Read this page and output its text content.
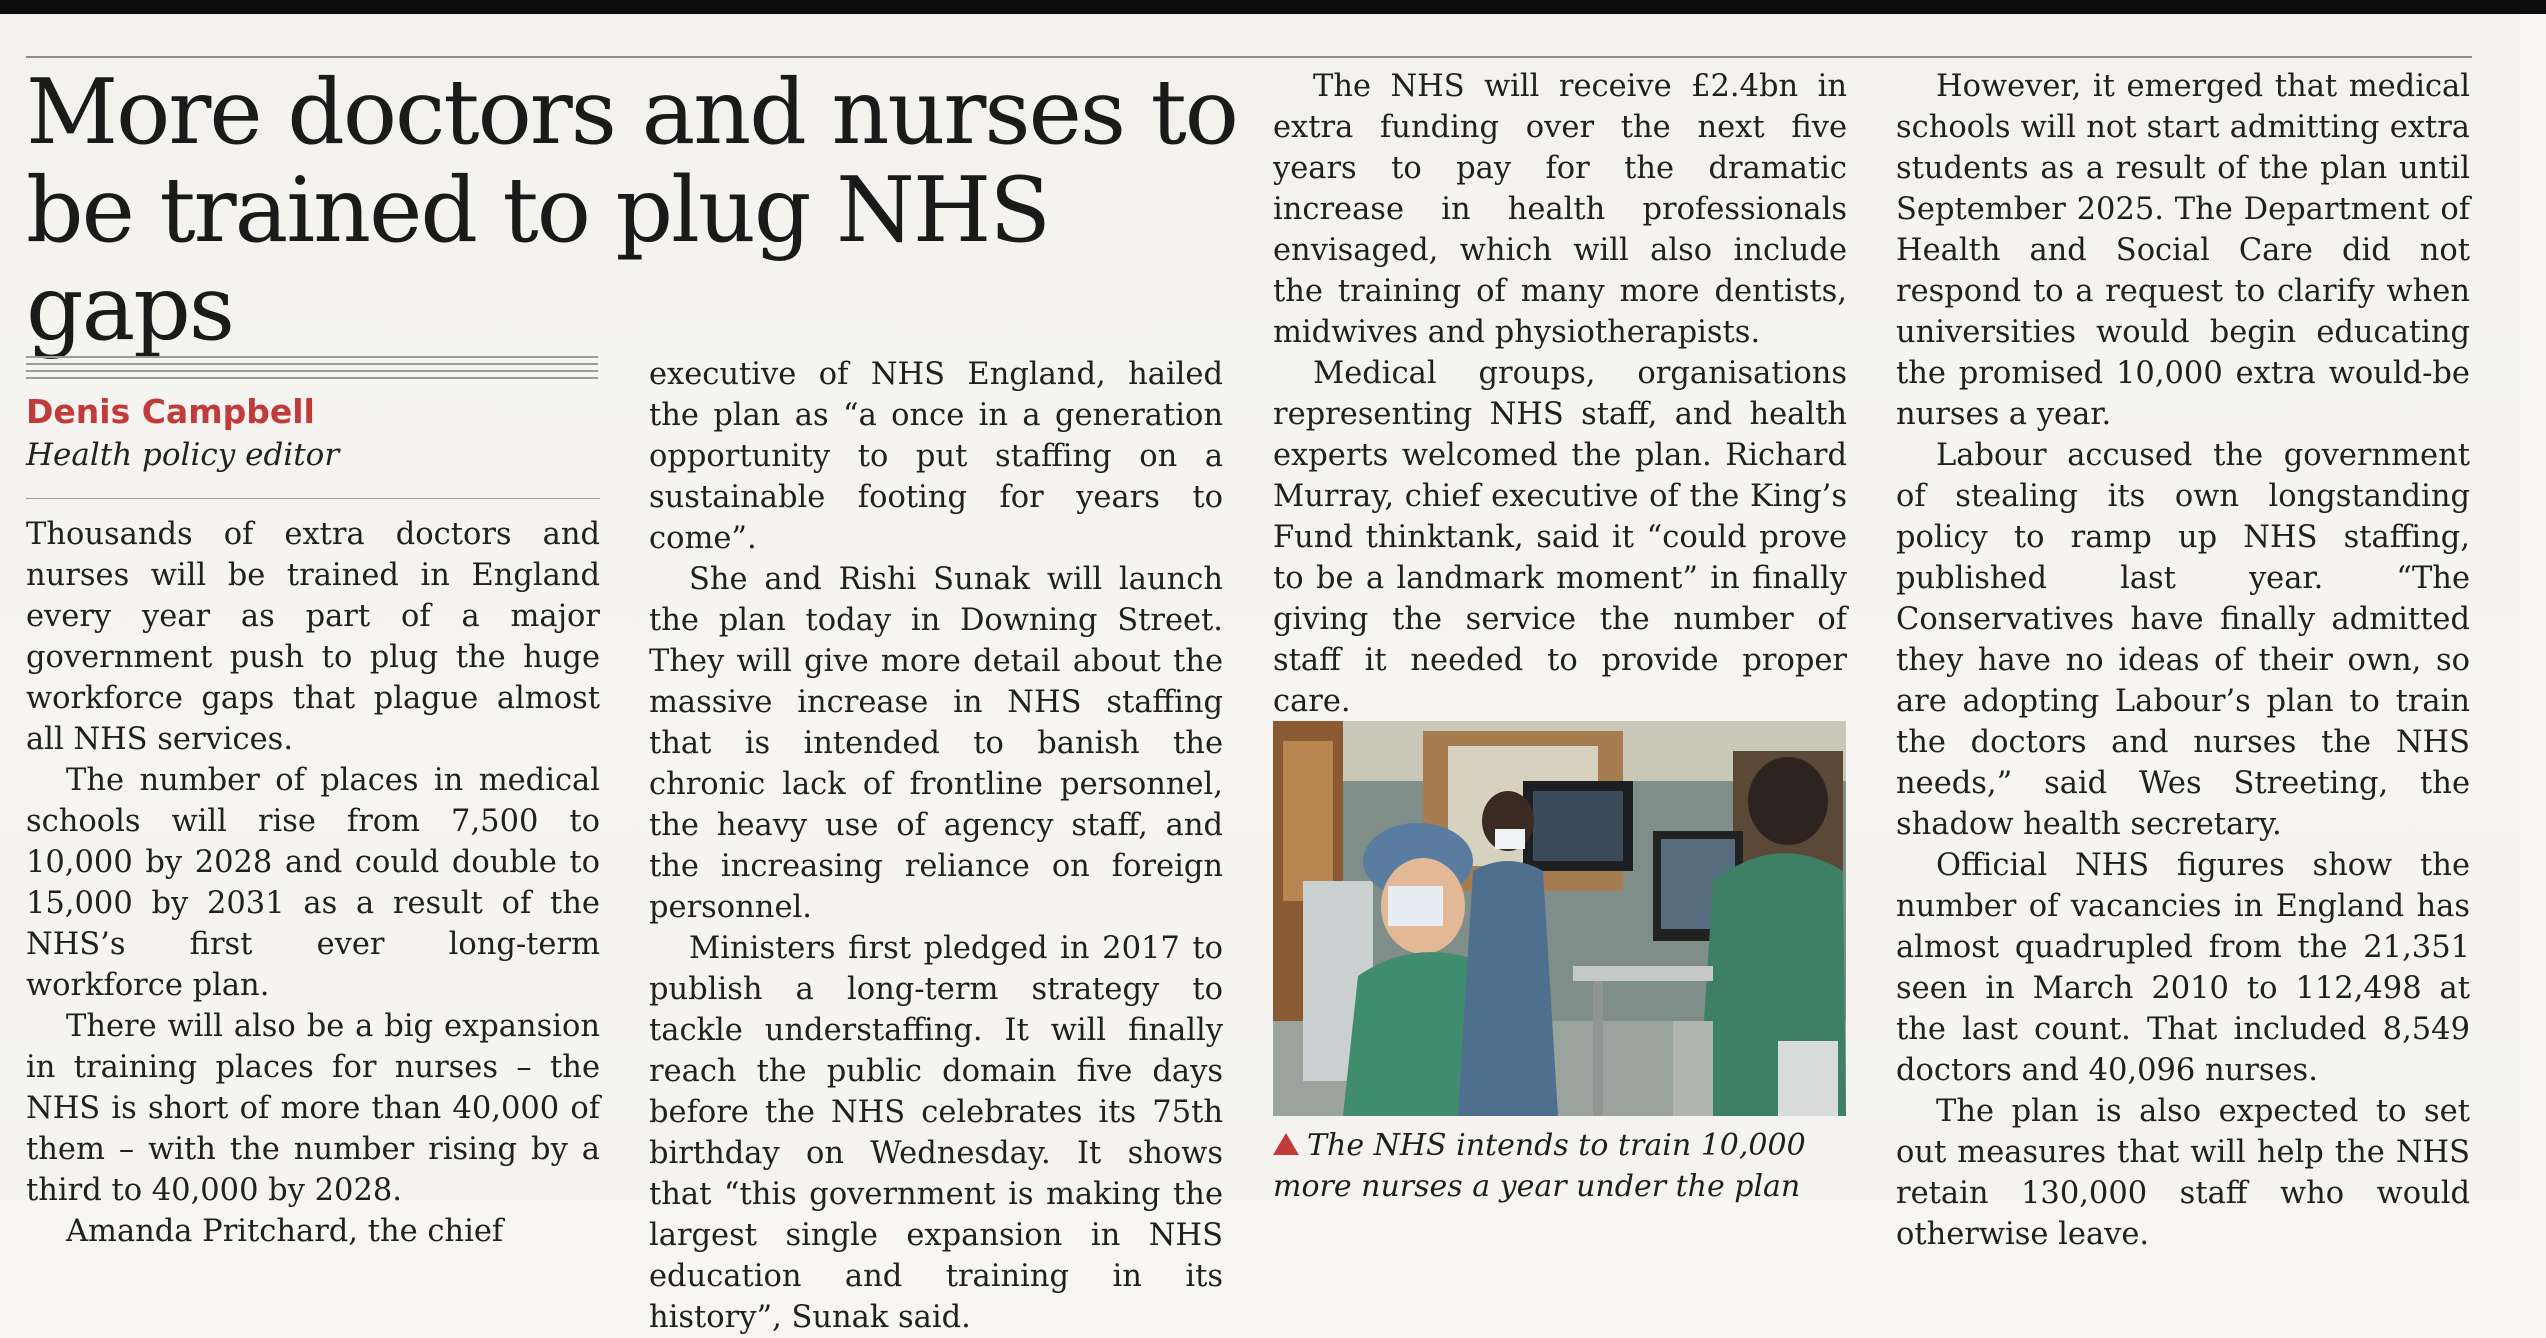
More doctors and nurses to
be trained to plug NHS gaps
Denis Campbell
Health policy editor

Thousands of extra doctors and nurses will be trained in England every year as part of a major government push to plug the huge workforce gaps that plague almost all NHS services.

The number of places in medical schools will rise from 7,500 to 10,000 by 2028 and could double to 15,000 by 2031 as a result of the NHS’s first ever long-term workforce plan.

There will also be a big expansion in training places for nurses – the NHS is short of more than 40,000 of them – with the number rising by a third to 40,000 by 2028.

Amanda Pritchard, the chief

executive of NHS England, hailed the plan as “a once in a generation opportunity to put staffing on a sustainable footing for years to come”.

She and Rishi Sunak will launch the plan today in Downing Street. They will give more detail about the massive increase in NHS staffing that is intended to banish the chronic lack of frontline personnel, the heavy use of agency staff, and the increasing reliance on foreign personnel.

Ministers first pledged in 2017 to publish a long-term strategy to tackle understaffing. It will finally reach the public domain five days before the NHS celebrates its 75th birthday on Wednesday. It shows that “this government is making the largest single expansion in NHS education and training in its history”, Sunak said.

The NHS will receive £2.4bn in extra funding over the next five years to pay for the dramatic increase in health professionals envisaged, which will also include the training of many more dentists, midwives and physiotherapists.

Medical groups, organisations representing NHS staff, and health experts welcomed the plan. Richard Murray, chief executive of the King’s Fund thinktank, said it “could prove to be a landmark moment” in finally giving the service the number of staff it needed to provide proper care.

The NHS intends to train 10,000 more nurses a year under the plan

However, it emerged that medical schools will not start admitting extra students as a result of the plan until September 2025. The Department of Health and Social Care did not respond to a request to clarify when universities would begin educating the promised 10,000 extra would-be nurses a year.

Labour accused the government of stealing its own longstanding policy to ramp up NHS staffing, published last year. “The Conservatives have finally admitted they have no ideas of their own, so are adopting Labour’s plan to train the doctors and nurses the NHS needs,” said Wes Streeting, the shadow health secretary.

Official NHS figures show the number of vacancies in England has almost quadrupled from the 21,351 seen in March 2010 to 112,498 at the last count. That included 8,549 doctors and 40,096 nurses.

The plan is also expected to set out measures that will help the NHS retain 130,000 staff who would otherwise leave.
